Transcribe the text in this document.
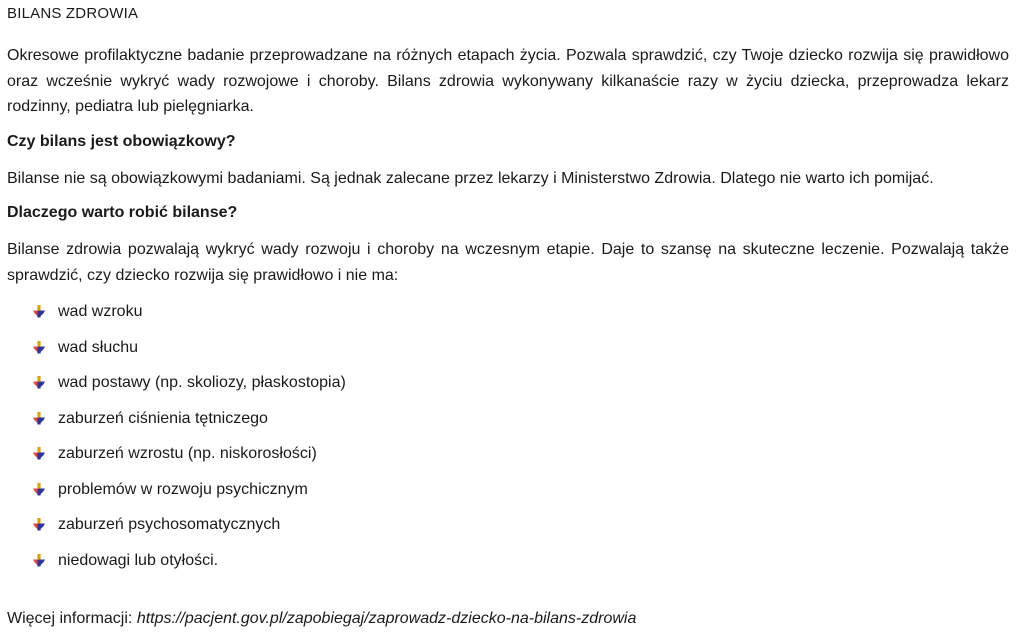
BILANS ZDROWIA

Okresowe profilaktyczne badanie przeprowadzane na różnych etapach życia. Pozwala sprawdzić, czy Twoje dziecko rozwija się prawidłowo oraz wcześnie wykryć wady rozwojowe i choroby. Bilans zdrowia wykonywany kilkanaście razy w życiu dziecka, przeprowadza lekarz rodzinny, pediatra lub pielęgniarka.

Czy bilans jest obowiązkowy?

Bilanse nie są obowiązkowymi badaniami. Są jednak zalecane przez lekarzy i Ministerstwo Zdrowia. Dlatego nie warto ich pomijać.

Dlaczego warto robić bilanse?

Bilanse zdrowia pozwalają wykryć wady rozwoju i choroby na wczesnym etapie. Daje to szansę na skuteczne leczenie. Pozwalają także sprawdzić, czy dziecko rozwija się prawidłowo i nie ma:

wad wzroku
wad słuchu
wad postawy (np. skoliozy, płaskostopia)
zaburzeń ciśnienia tętniczego
zaburzeń wzrostu (np. niskorosłości)
problemów w rozwoju psychicznym
zaburzeń psychosomatycznych
niedowagi lub otyłości.
Więcej informacji: https://pacjent.gov.pl/zapobiegaj/zaprowadz-dziecko-na-bilans-zdrowia
